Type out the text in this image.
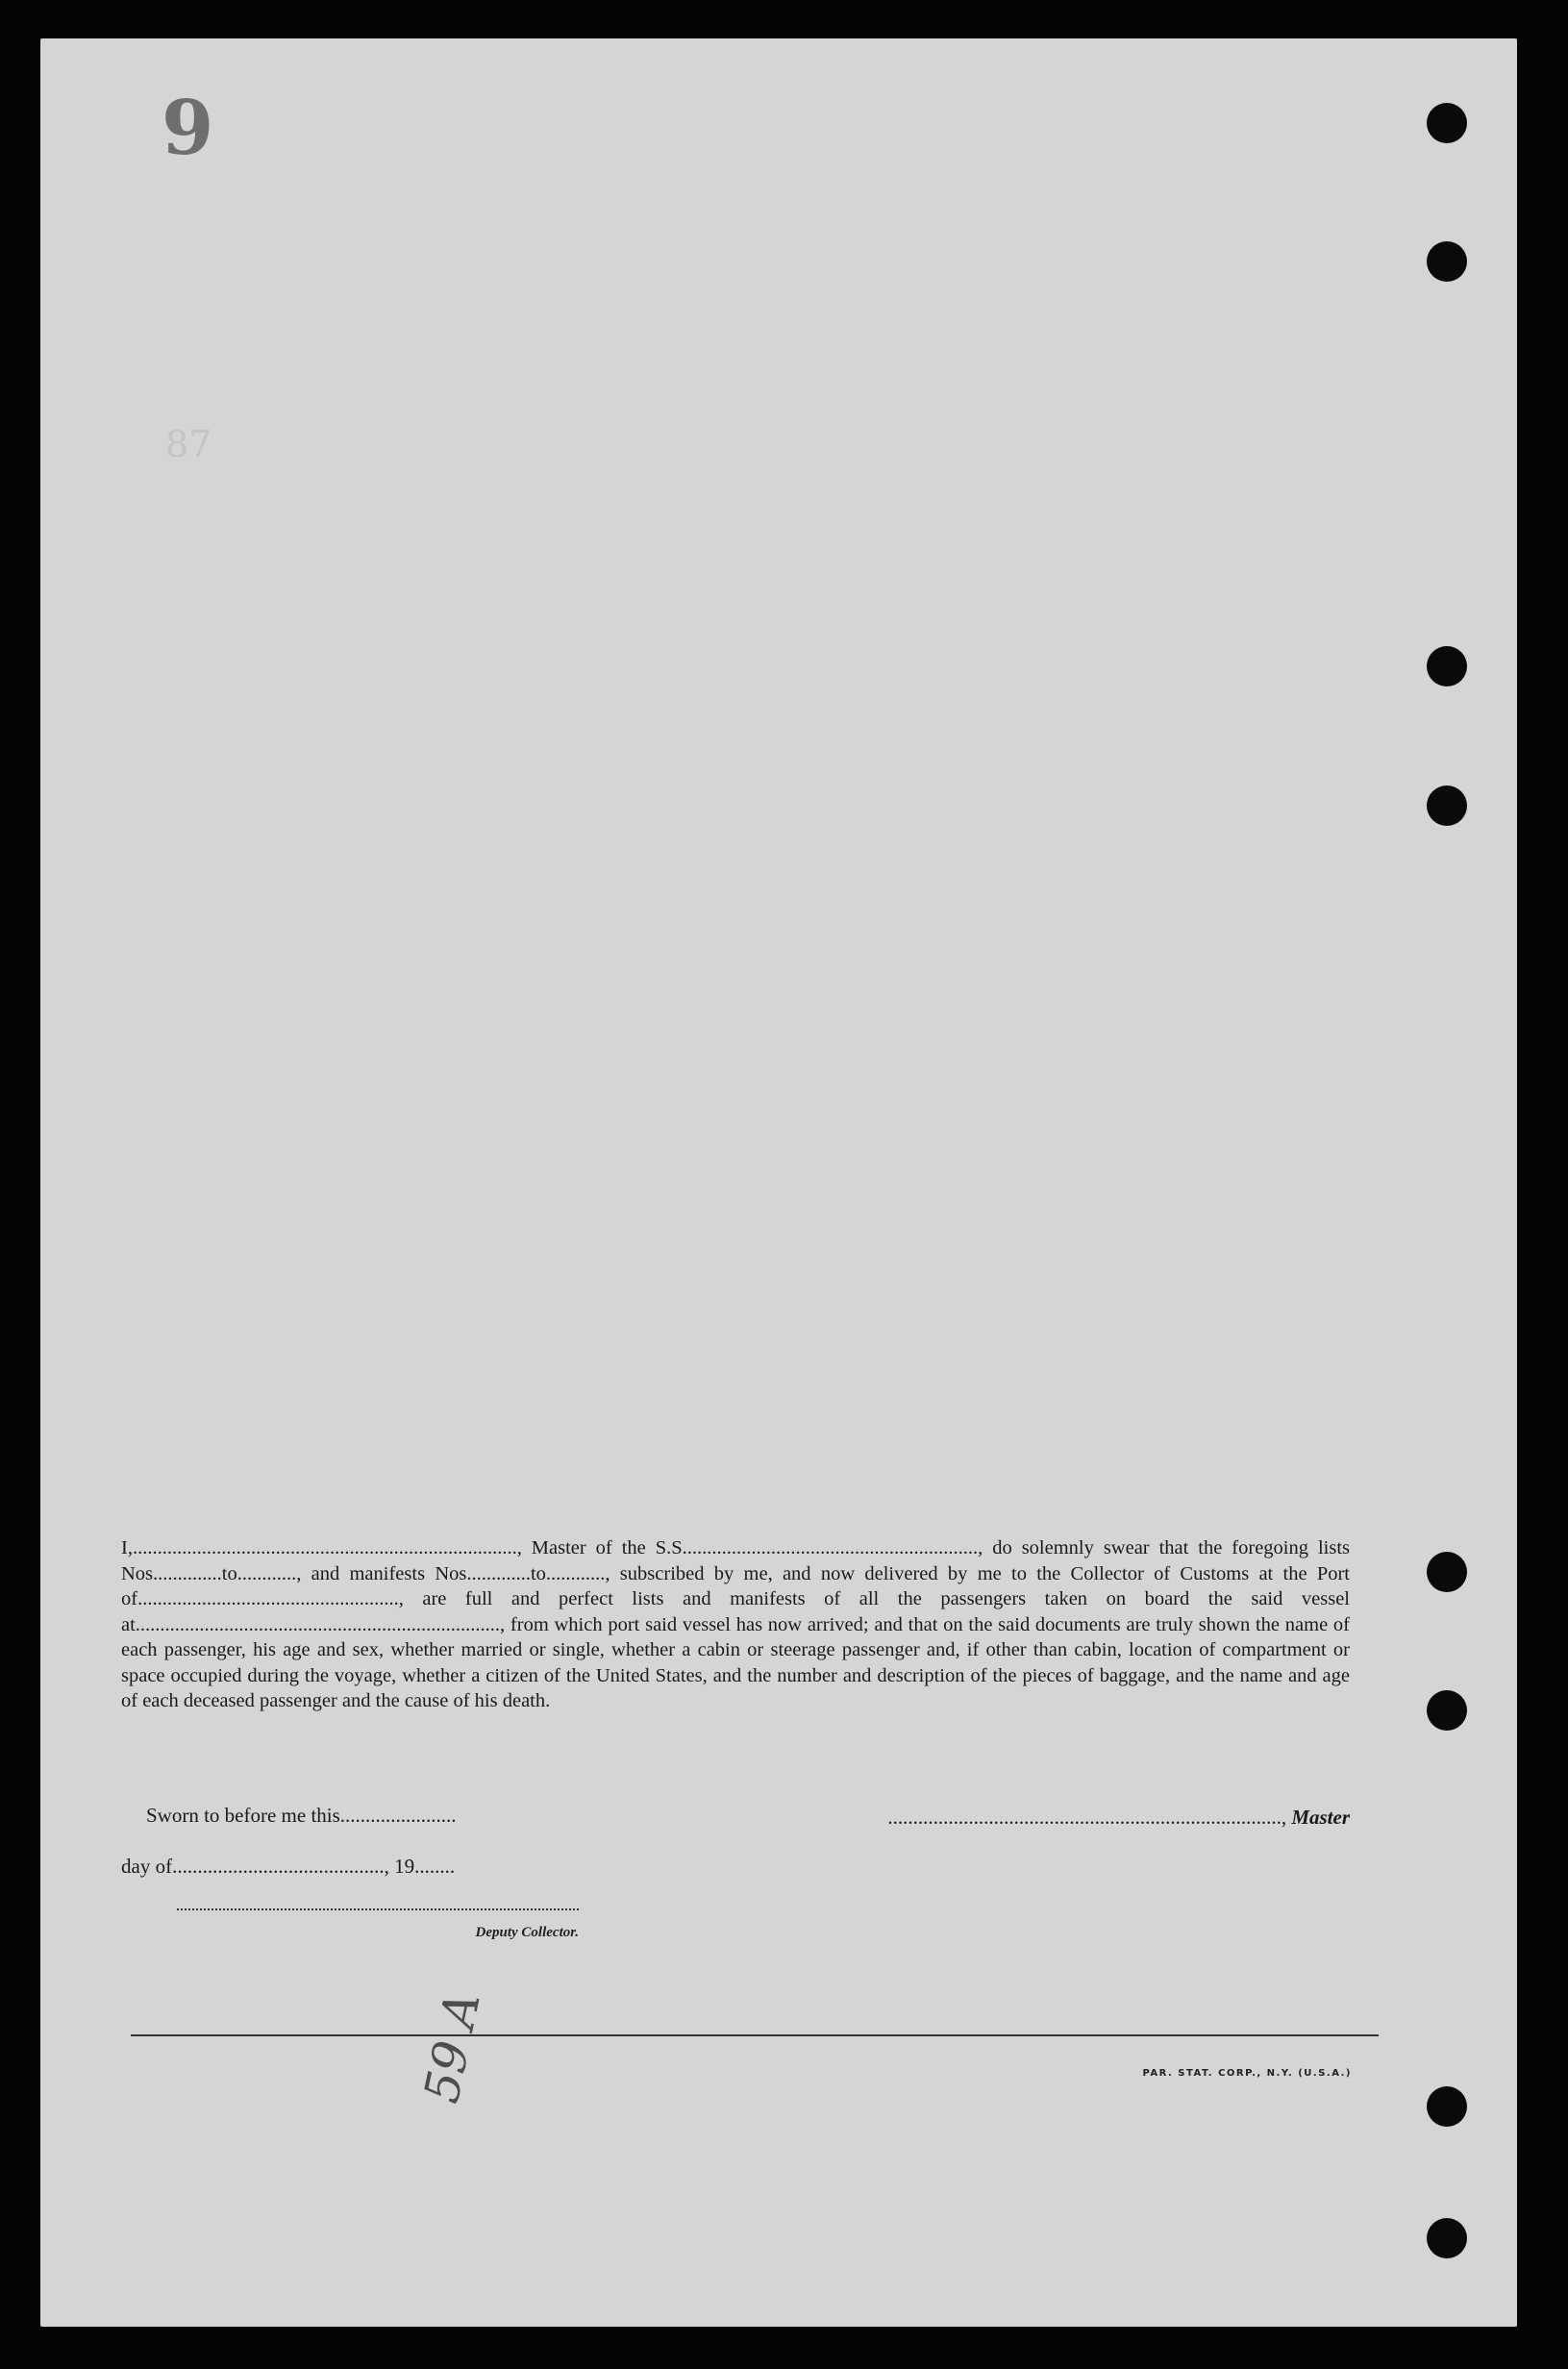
9
87
I,.............................................................................., Master of the S.S............................................................, do solemnly swear that the foregoing lists Nos..............to............, and manifests Nos.............to............, subscribed by me, and now delivered by me to the Collector of Customs at the Port of....................................................., are full and perfect lists and manifests of all the passengers taken on board the said vessel at.........................................................................., from which port said vessel has now arrived; and that on the said documents are truly shown the name of each passenger, his age and sex, whether married or single, whether a cabin or steerage passenger and, if other than cabin, location of compartment or space occupied during the voyage, whether a citizen of the United States, and the number and description of the pieces of baggage, and the name and age of each deceased passenger and the cause of his death.
Sworn to before me this.......................	.............................................................................., Master
day of.........................................., 19........
Deputy Collector.
PAR. STAT. CORP., N.Y. (U.S.A.)
59 A
